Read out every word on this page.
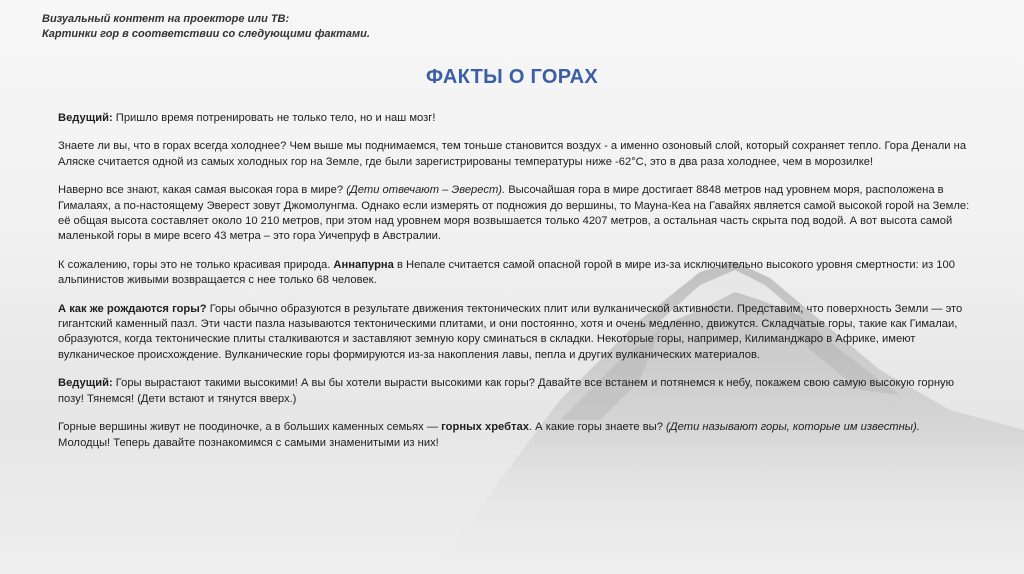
Визуальный контент на проекторе или ТВ:
Картинки гор в соответствии со следующими фактами.
ФАКТЫ О ГОРАХ

Ведущий: Пришло время потренировать не только тело, но и наш мозг!

Знаете ли вы, что в горах всегда холоднее? Чем выше мы поднимаемся, тем тоньше становится воздух - а именно озоновый слой, который сохраняет тепло. Гора Денали на Аляске считается одной из самых холодных гор на Земле, где были зарегистрированы температуры ниже -62°C, это в два раза холоднее, чем в морозилке!

Наверно все знают, какая самая высокая гора в мире? (Дети отвечают – Эверест). Высочайшая гора в мире достигает 8848 метров над уровнем моря, расположена в Гималаях, а по-настоящему Эверест зовут Джомолунгма. Однако если измерять от подножия до вершины, то Мауна-Кеа на Гавайях является самой высокой горой на Земле: её общая высота составляет около 10 210 метров, при этом над уровнем моря возвышается только 4207 метров, а остальная часть скрыта под водой. А вот высота самой маленькой горы в мире всего 43 метра – это гора Уичепруф в Австралии.

К сожалению, горы это не только красивая природа. Аннапурна в Непале считается самой опасной горой в мире из-за исключительно высокого уровня смертности: из 100 альпинистов живыми возвращается с нее только 68 человек.

А как же рождаются горы? Горы обычно образуются в результате движения тектонических плит или вулканической активности. Представим, что поверхность Земли — это гигантский каменный пазл. Эти части пазла называются тектоническими плитами, и они постоянно, хотя и очень медленно, движутся. Складчатые горы, такие как Гималаи, образуются, когда тектонические плиты сталкиваются и заставляют земную кору сминаться в складки. Некоторые горы, например, Килиманджаро в Африке, имеют вулканическое происхождение. Вулканические горы формируются из-за накопления лавы, пепла и других вулканических материалов.

Ведущий: Горы вырастают такими высокими! А вы бы хотели вырасти высокими как горы? Давайте все встанем и потянемся к небу, покажем свою самую высокую горную позу! Тянемся! (Дети встают и тянутся вверх.)

Горные вершины живут не поодиночке, а в больших каменных семьях — горных хребтах. А какие горы знаете вы? (Дети называют горы, которые им известны). Молодцы! Теперь давайте познакомимся с самыми знаменитыми из них!
